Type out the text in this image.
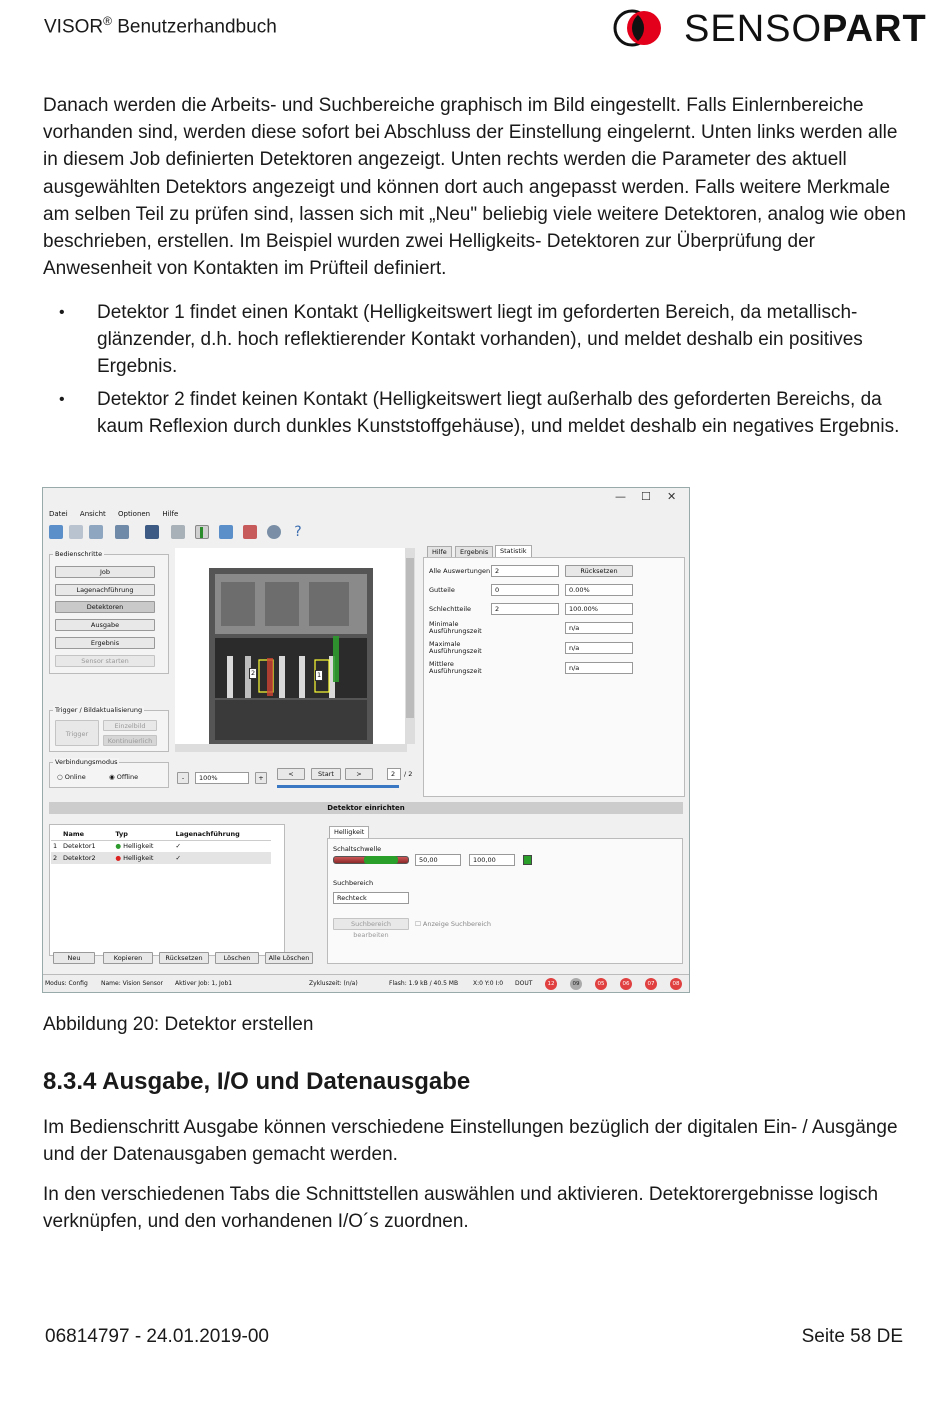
VISOR® Benutzerhandbuch	SENSOPART
Danach werden die Arbeits- und Suchbereiche graphisch im Bild eingestellt. Falls Einlernbereiche vorhanden sind, werden diese sofort bei Abschluss der Einstellung eingelernt. Unten links werden alle in diesem Job definierten Detektoren angezeigt. Unten rechts werden die Parameter des aktuell ausgewählten Detektors angezeigt und können dort auch angepasst werden. Falls weitere Merkmale am selben Teil zu prüfen sind, lassen sich mit „Neu" beliebig viele weitere Detektoren, analog wie oben beschrieben, erstellen. Im Beispiel wurden zwei Helligkeits- Detektoren zur Überprüfung der Anwesenheit von Kontakten im Prüfteil definiert.
• Detektor 1 findet einen Kontakt (Helligkeitswert liegt im geforderten Bereich, da metallisch-glänzender, d.h. hoch reflektierender Kontakt vorhanden), und meldet deshalb ein positives Ergebnis.
• Detektor 2 findet keinen Kontakt (Helligkeitswert liegt außerhalb des geforderten Bereichs, da kaum Reflexion durch dunkles Kunststoffgehäuse), und meldet deshalb ein negatives Ergebnis.
— ☐ ✕
Datei Ansicht Optionen Hilfe
?
Bedienschritte
Job
Lagenachführung
Detektoren
Ausgabe
Ergebnis
Sensor starten
Trigger / Bildaktualisierung
Trigger
Einzelbild
Kontinuierlich
Verbindungsmodus
○ Online	◉ Offline
2	1
-	100%	+	<	Start	>	2	/ 2
Hilfe	Ergebnis	Statistik
Alle Auswertungen 2	Rücksetzen
Gutteile	0	0.00%
Schlechtteile	2	100.00%
Minimale
Ausführungszeit	n/a
Maximale
Ausführungszeit	n/a
Mittlere
Ausführungszeit	n/a
Detektor einrichten
	Name	Typ	Lagenachführung
1	Detektor1	● Helligkeit	✓
2	Detektor2	● Helligkeit	✓
Neu	Kopieren	Rücksetzen	Löschen	Alle Löschen
Helligkeit
Schaltschwelle
50,00	100,00
Suchbereich
Rechteck
Suchbereich bearbeiten
☐ Anzeige Suchbereich
Modus: Config Name: Vision Sensor Aktiver Job: 1, Job1	Zykluszeit: (n/a)	Flash: 1.9 kB / 40.5 MB X:0 Y:0 I:0 DOUT	12	09	05	06	07	08
Abbildung 20: Detektor erstellen
8.3.4 Ausgabe, I/O und Datenausgabe
Im Bedienschritt Ausgabe können verschiedene Einstellungen bezüglich der digitalen Ein- / Ausgänge und der Datenausgaben gemacht werden.
In den verschiedenen Tabs die Schnittstellen auswählen und aktivieren. Detektorergebnisse logisch verknüpfen, und den vorhandenen I/O´s zuordnen.
06814797 - 24.01.2019-00	Seite 58 DE
